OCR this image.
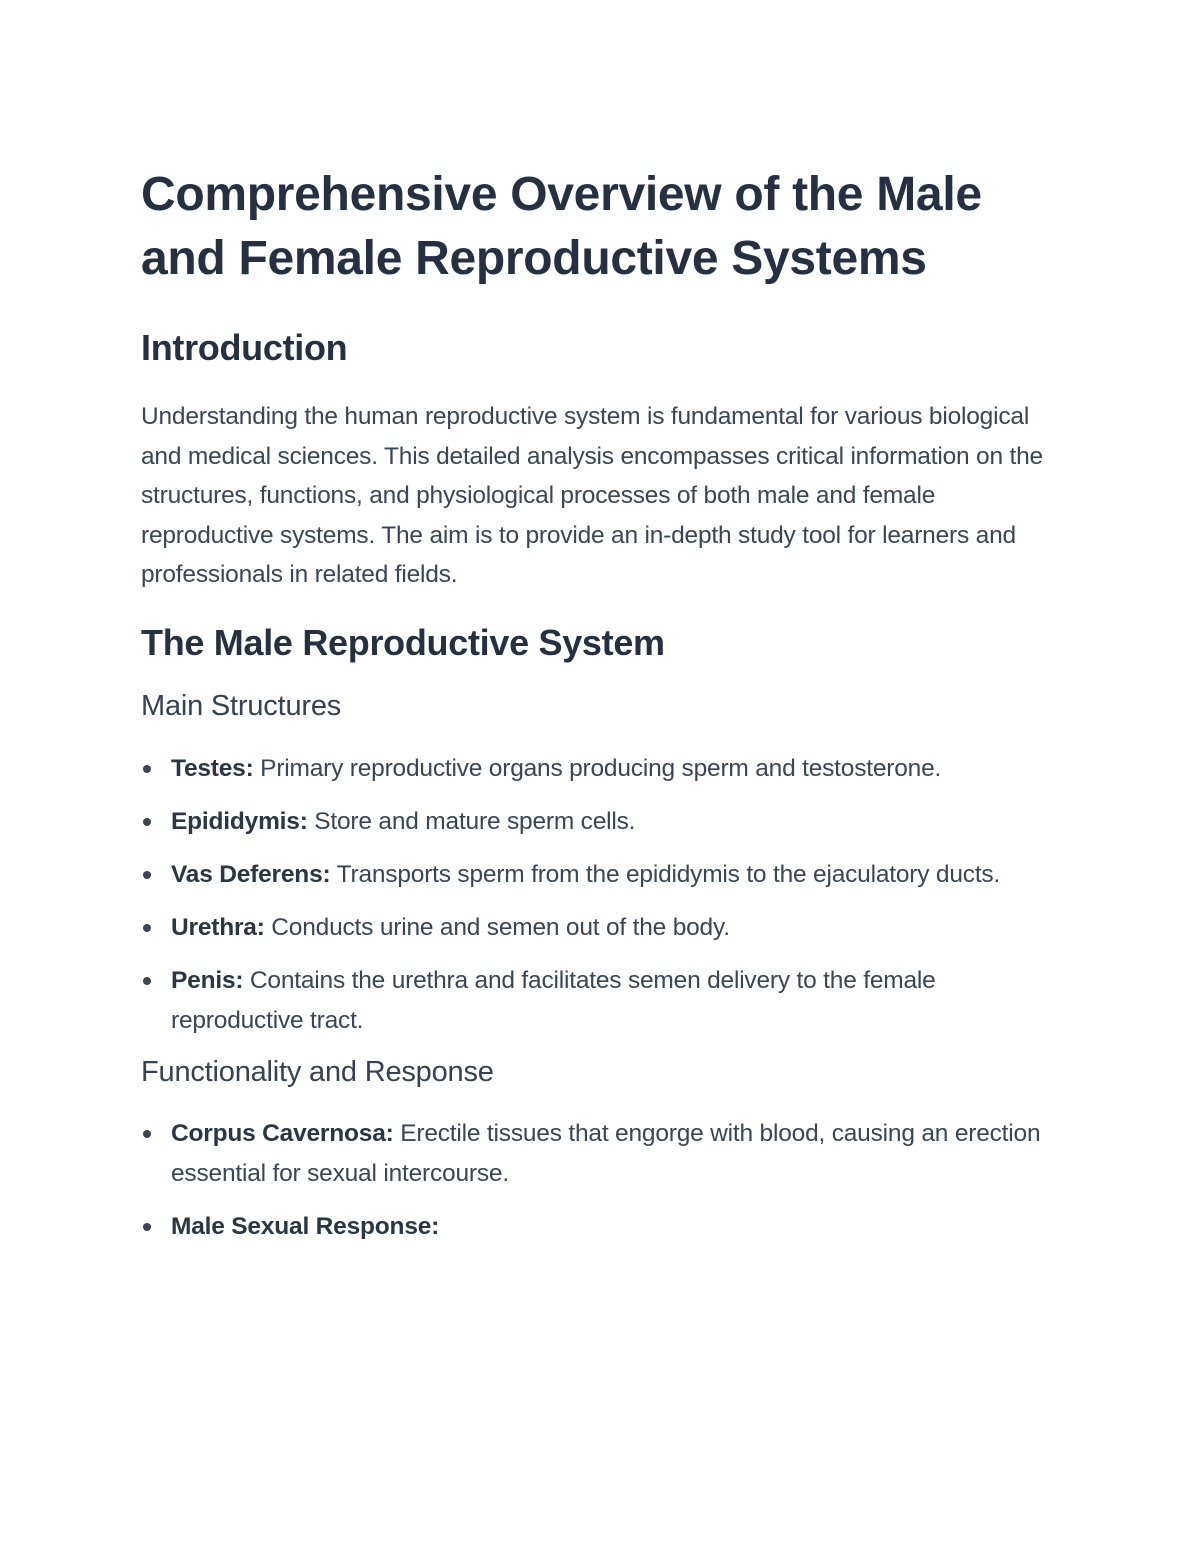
Comprehensive Overview of the Male and Female Reproductive Systems
Introduction

Understanding the human reproductive system is fundamental for various biological and medical sciences. This detailed analysis encompasses critical information on the structures, functions, and physiological processes of both male and female reproductive systems. The aim is to provide an in-depth study tool for learners and professionals in related fields.

The Male Reproductive System
Main Structures
Testes: Primary reproductive organs producing sperm and testosterone.
Epididymis: Store and mature sperm cells.
Vas Deferens: Transports sperm from the epididymis to the ejaculatory ducts.
Urethra: Conducts urine and semen out of the body.
Penis: Contains the urethra and facilitates semen delivery to the female reproductive tract.
Functionality and Response
Corpus Cavernosa: Erectile tissues that engorge with blood, causing an erection essential for sexual intercourse.
Male Sexual Response:
